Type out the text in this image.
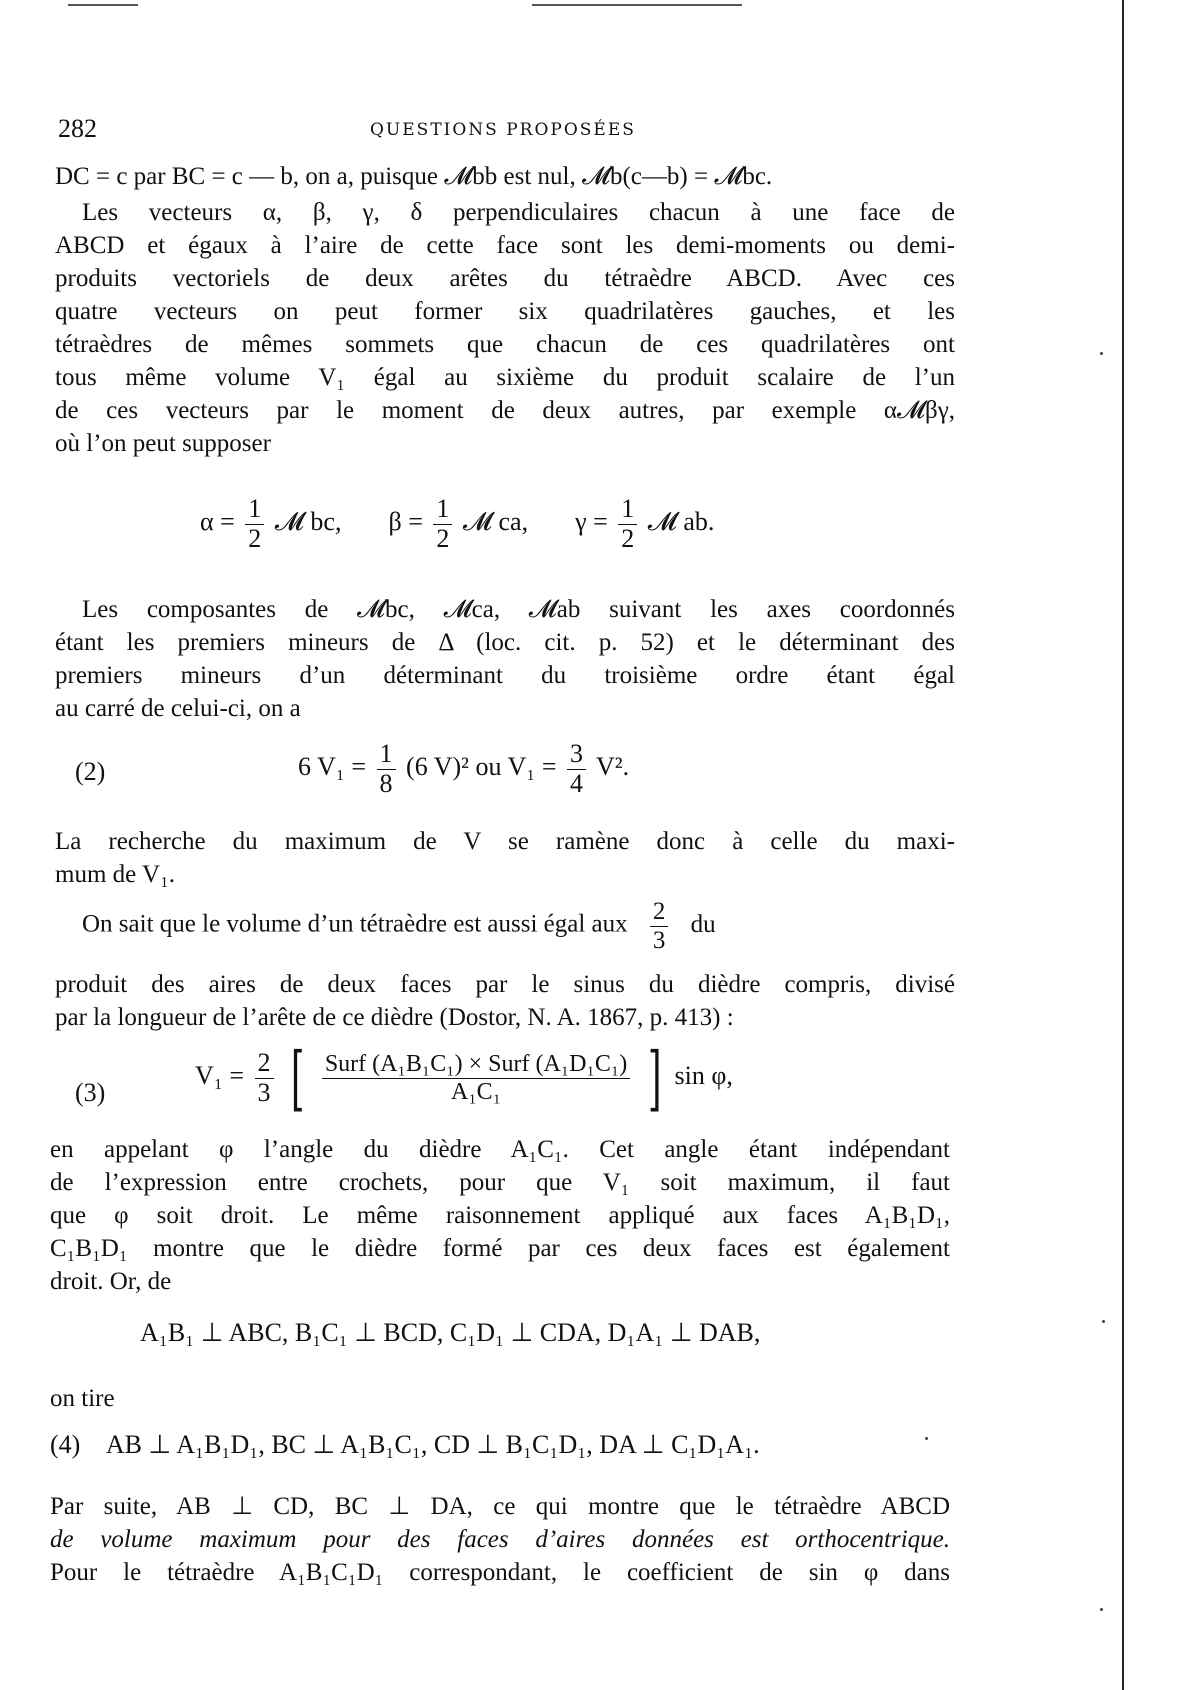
282	QUESTIONS PROPOSÉES
DC = c par BC = c — b, on a, puisque 𝓜bb est nul, 𝓜b(c—b) = 𝓜bc.
Les vecteurs α, β, γ, δ perpendiculaires chacun à une face de
ABCD et égaux à l’aire de cette face sont les demi-moments ou demi-
produits vectoriels de deux arêtes du tétraèdre ABCD. Avec ces
quatre vecteurs on peut former six quadrilatères gauches, et les
tétraèdres de mêmes sommets que chacun de ces quadrilatères ont
tous même volume V₁ égal au sixième du produit scalaire de l’un
de ces vecteurs par le moment de deux autres, par exemple α𝓜βγ,
où l’on peut supposer
$\alpha = \frac{1}{2}$ 𝓜 bc, $\beta = \frac{1}{2}$ 𝓜 ca, $\gamma = \frac{1}{2}$ 𝓜 ab.
Les composantes de 𝓜bc, 𝓜ca, 𝓜ab suivant les axes coordonnés
étant les premiers mineurs de Δ (loc. cit. p. 52) et le déterminant des
premiers mineurs d’un déterminant du troisième ordre étant égal
au carré de celui-ci, on a
(2)	6 $V_1 = \frac{1}{8} (6$ V)² ou $V_1 = \frac{3}{4} V^2$.
La recherche du maximum de V se ramène donc à celle du maxi-
mum de V₁.
On sait que le volume d’un tétraèdre est aussi égal aux $\frac{2}{3}$ du
produit des aires de deux faces par le sinus du dièdre compris, divisé
par la longueur de l’arête de ce dièdre (Dostor, N. A. 1867, p. 413) :
(3)
$V_1 = \frac{2}{3}$ [ $\frac{\text{Surf (A₁B₁C₁) × Surf (A₁D₁C₁)}}{\text{A₁C₁}}$ ] sin φ,
en appelant φ l’angle du dièdre A₁C₁. Cet angle étant indépendant
de l’expression entre crochets, pour que V₁ soit maximum, il faut
que φ soit droit. Le même raisonnement appliqué aux faces A₁B₁D₁,
C₁B₁D₁ montre que le dièdre formé par ces deux faces est également
droit. Or, de
A₁B₁ ⊥ ABC, B₁C₁ ⊥ BCD, C₁D₁ ⊥ CDA, D₁A₁ ⊥ DAB,
on tire
(4) AB ⊥ A₁B₁D₁, BC ⊥ A₁B₁C₁, CD ⊥ B₁C₁D₁, DA ⊥ C₁D₁A₁.
Par suite, AB ⊥ CD, BC ⊥ DA, ce qui montre que le tétraèdre ABCD
de volume maximum pour des faces d’aires données est orthocentrique.
Pour le tétraèdre A₁B₁C₁D₁ correspondant, le coefficient de sin φ dans
